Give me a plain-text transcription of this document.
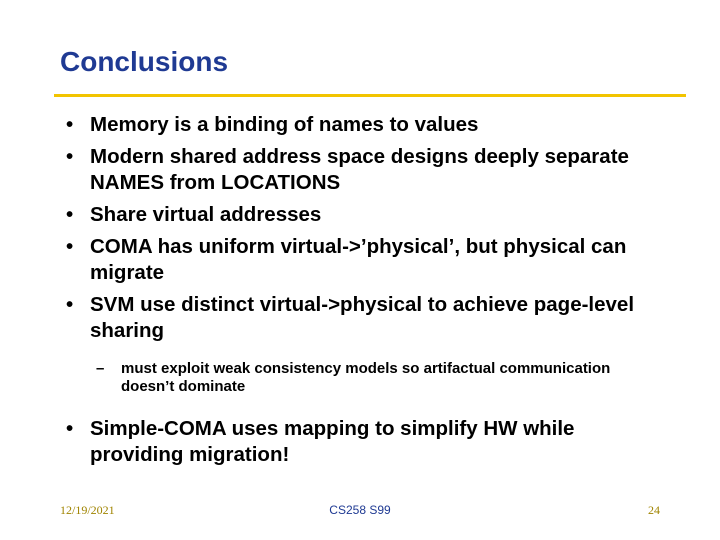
Conclusions
• Memory is a binding of names to values
• Modern shared address space designs deeply separate NAMES from LOCATIONS
• Share virtual addresses
• COMA has uniform virtual->’physical’, but physical can migrate
• SVM use distinct virtual->physical to achieve page-level sharing
– must exploit weak consistency models so artifactual communication doesn’t dominate
• Simple-COMA uses mapping to simplify HW while providing migration!
12/19/2021	CS258 S99	24
